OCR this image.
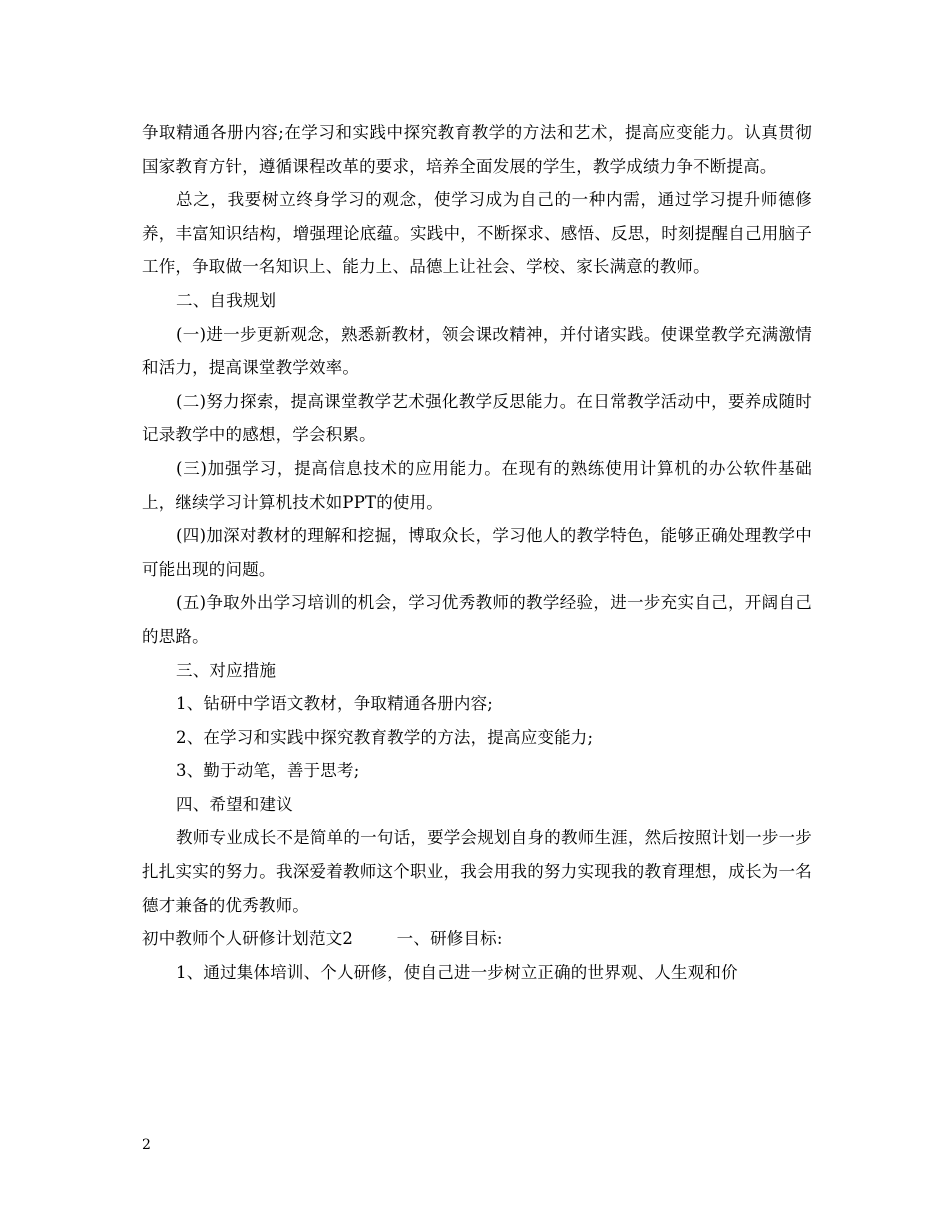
争取精通各册内容;在学习和实践中探究教育教学的方法和艺术，提高应变能力。认真贯彻国家教育方针，遵循课程改革的要求，培养全面发展的学生，教学成绩力争不断提高。

总之，我要树立终身学习的观念，使学习成为自己的一种内需，通过学习提升师德修养，丰富知识结构，增强理论底蕴。实践中，不断探求、感悟、反思，时刻提醒自己用脑子工作，争取做一名知识上、能力上、品德上让社会、学校、家长满意的教师。

二、自我规划

(一)进一步更新观念，熟悉新教材，领会课改精神，并付诸实践。使课堂教学充满激情和活力，提高课堂教学效率。

(二)努力探索，提高课堂教学艺术强化教学反思能力。在日常教学活动中，要养成随时记录教学中的感想，学会积累。

(三)加强学习，提高信息技术的应用能力。在现有的熟练使用计算机的办公软件基础上，继续学习计算机技术如PPT的使用。

(四)加深对教材的理解和挖掘，博取众长，学习他人的教学特色，能够正确处理教学中可能出现的问题。

(五)争取外出学习培训的机会，学习优秀教师的教学经验，进一步充实自己，开阔自己的思路。

三、对应措施

1、钻研中学语文教材，争取精通各册内容;

2、在学习和实践中探究教育教学的方法，提高应变能力;

3、勤于动笔，善于思考;

四、希望和建议

教师专业成长不是简单的一句话，要学会规划自身的教师生涯，然后按照计划一步一步扎扎实实的努力。我深爱着教师这个职业，我会用我的努力实现我的教育理想，成长为一名德才兼备的优秀教师。

初中教师个人研修计划范文2	一、研修目标:

1、通过集体培训、个人研修，使自己进一步树立正确的世界观、人生观和价

2
